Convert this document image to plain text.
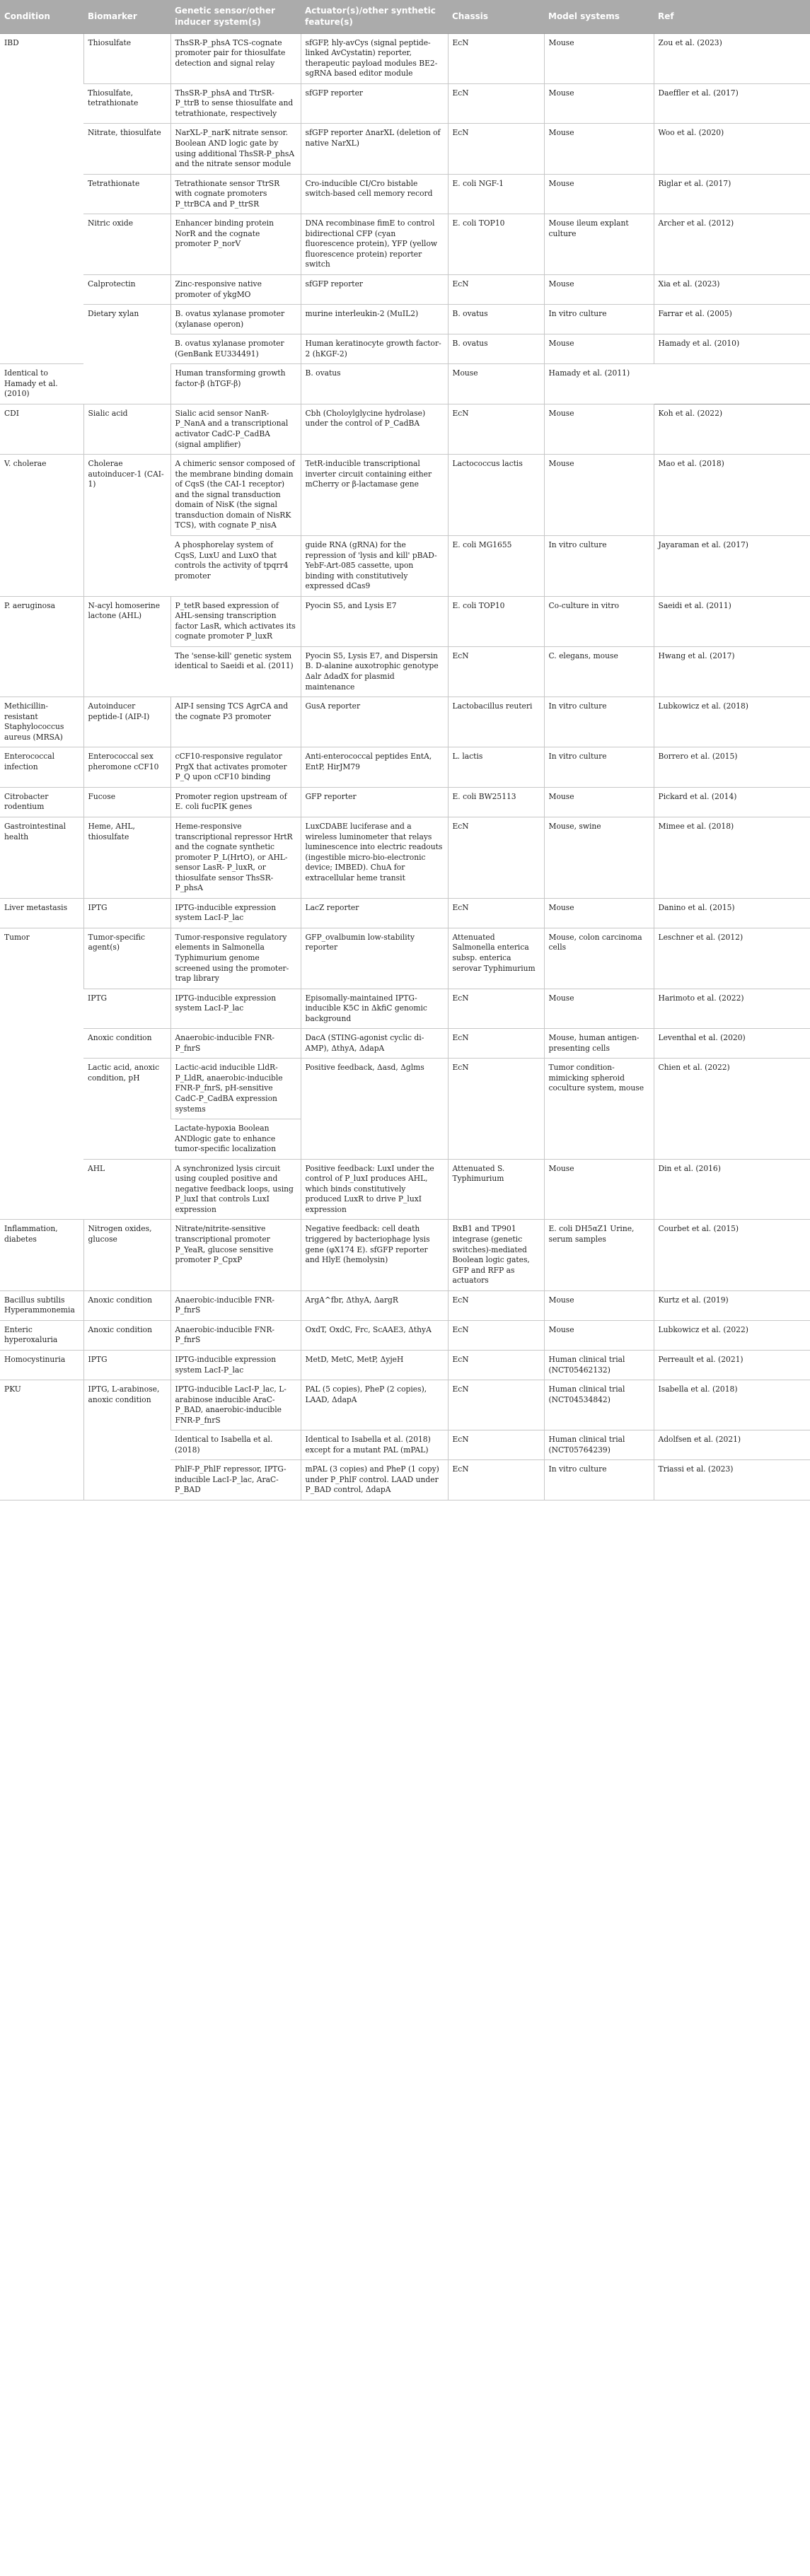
Condition	Biomarker	Genetic sensor/other inducer system(s)	Actuator(s)/other synthetic feature(s)	Chassis	Model systems	Ref
IBD	Thiosulfate	ThsSR-P_phsA TCS-cognate promoter pair for thiosulfate detection and signal relay	sfGFP, hly-avCys (signal peptide-linked AvCystatin) reporter, therapeutic payload modules BE2-sgRNA based editor module	EcN	Mouse	Zou et al. (2023)
	Thiosulfate, tetrathionate	ThsSR-P_phsA and TtrSR-P_ttrB to sense thiosulfate and tetrathionate, respectively	sfGFP reporter	EcN	Mouse	Daeffler et al. (2017)
	Nitrate, thiosulfate	NarXL-P_narK nitrate sensor. Boolean AND logic gate by using additional ThsSR-P_phsA and the nitrate sensor module	sfGFP reporter ΔnarXL (deletion of native NarXL)	EcN	Mouse	Woo et al. (2020)
	Tetrathionate	Tetrathionate sensor TtrSR with cognate promoters P_ttrBCA and P_ttrSR	Cro-inducible CI/Cro bistable switch-based cell memory record	E. coli NGF-1	Mouse	Riglar et al. (2017)
	Nitric oxide	Enhancer binding protein NorR and the cognate promoter P_norV	DNA recombinase fimE to control bidirectional CFP (cyan fluorescence protein), YFP (yellow fluorescence protein) reporter switch	E. coli TOP10	Mouse ileum explant culture	Archer et al. (2012)
	Calprotectin	Zinc-responsive native promoter of ykgMO	sfGFP reporter	EcN	Mouse	Xia et al. (2023)
	Dietary xylan	B. ovatus xylanase promoter (xylanase operon)	murine interleukin-2 (MuIL2)	B. ovatus	In vitro culture	Farrar et al. (2005)
		B. ovatus xylanase promoter (GenBank EU334491)	Human keratinocyte growth factor-2 (hKGF-2)	B. ovatus	Mouse	Hamady et al. (2010)
Identical to Hamady et al. (2010)		Human transforming growth factor-β (hTGF-β)	B. ovatus	Mouse	Hamady et al. (2011)	
CDI	Sialic acid	Sialic acid sensor NanR-P_NanA and a transcriptional activator CadC-P_CadBA (signal amplifier)	Cbh (Choloylglycine hydrolase) under the control of P_CadBA	EcN	Mouse	Koh et al. (2022)
V. cholerae	Cholerae autoinducer-1 (CAI-1)	A chimeric sensor composed of the membrane binding domain of CqsS (the CAI-1 receptor) and the signal transduction domain of NisK (the signal transduction domain of NisRK TCS), with cognate P_nisA	TetR-inducible transcriptional inverter circuit containing either mCherry or β-lactamase gene	Lactococcus lactis	Mouse	Mao et al. (2018)
		A phosphorelay system of CqsS, LuxU and LuxO that controls the activity of tpqrr4 promoter	guide RNA (gRNA) for the repression of 'lysis and kill' pBAD-YebF-Art-085 cassette, upon binding with constitutively expressed dCas9	E. coli MG1655	In vitro culture	Jayaraman et al. (2017)
P. aeruginosa	N-acyl homoserine lactone (AHL)	P_tetR based expression of AHL-sensing transcription factor LasR, which activates its cognate promoter P_luxR	Pyocin S5, and Lysis E7	E. coli TOP10	Co-culture in vitro	Saeidi et al. (2011)
		The 'sense-kill' genetic system identical to Saeidi et al. (2011)	Pyocin S5, Lysis E7, and Dispersin B. D-alanine auxotrophic genotype Δalr ΔdadX for plasmid maintenance	EcN	C. elegans, mouse	Hwang et al. (2017)
Methicillin-resistant Staphylococcus aureus (MRSA)	Autoinducer peptide-I (AIP-I)	AIP-I sensing TCS AgrCA and the cognate P3 promoter	GusA reporter	Lactobacillus reuteri	In vitro culture	Lubkowicz et al. (2018)
Enterococcal infection	Enterococcal sex pheromone cCF10	cCF10-responsive regulator PrgX that activates promoter P_Q upon cCF10 binding	Anti-enterococcal peptides EntA, EntP, HirJM79	L. lactis	In vitro culture	Borrero et al. (2015)
Citrobacter rodentium	Fucose	Promoter region upstream of E. coli fucPIK genes	GFP reporter	E. coli BW25113	Mouse	Pickard et al. (2014)
Gastrointestinal health	Heme, AHL, thiosulfate	Heme-responsive transcriptional repressor HrtR and the cognate synthetic promoter P_L(HrtO), or AHL-sensor LasR- P_luxR, or thiosulfate sensor ThsSR-P_phsA	LuxCDABE luciferase and a wireless luminometer that relays luminescence into electric readouts (ingestible micro-bio-electronic device; IMBED). ChuA for extracellular heme transit	EcN	Mouse, swine	Mimee et al. (2018)
Liver metastasis	IPTG	IPTG-inducible expression system LacI-P_lac	LacZ reporter	EcN	Mouse	Danino et al. (2015)
Tumor	Tumor-specific agent(s)	Tumor-responsive regulatory elements in Salmonella Typhimurium genome screened using the promoter-trap library	GFP_ovalbumin low-stability reporter	Attenuated Salmonella enterica subsp. enterica serovar Typhimurium	Mouse, colon carcinoma cells	Leschner et al. (2012)
	IPTG	IPTG-inducible expression system LacI-P_lac	Episomally-maintained IPTG-inducible K5C in ΔkfiC genomic background	EcN	Mouse	Harimoto et al. (2022)
	Anoxic condition	Anaerobic-inducible FNR-P_fnrS	DacA (STING-agonist cyclic di-AMP), ΔthyA, ΔdapA	EcN	Mouse, human antigen-presenting cells	Leventhal et al. (2020)
	Lactic acid, anoxic condition, pH	Lactic-acid inducible LldR-P_LldR, anaerobic-inducible FNR-P_fnrS, pH-sensitive CadC-P_CadBA expression systems	Positive feedback, Δasd, Δglms	EcN	Tumor condition-mimicking spheroid coculture system, mouse	Chien et al. (2022)
		Lactate-hypoxia Boolean ANDlogic gate to enhance tumor-specific localization				
	AHL	A synchronized lysis circuit using coupled positive and negative feedback loops, using P_luxI that controls LuxI expression	Positive feedback: LuxI under the control of P_luxI produces AHL, which binds constitutively produced LuxR to drive P_luxI expression	Attenuated S. Typhimurium	Mouse	Din et al. (2016)
Inflammation, diabetes	Nitrogen oxides, glucose	Nitrate/nitrite-sensitive transcriptional promoter P_YeaR, glucose sensitive promoter P_CpxP	Negative feedback: cell death triggered by bacteriophage lysis gene (φX174 E). sfGFP reporter and HlyE (hemolysin)	BxB1 and TP901 integrase (genetic switches)-mediated Boolean logic gates, GFP and RFP as actuators	E. coli DH5αZ1 Urine, serum samples	Courbet et al. (2015)
Bacillus subtilis Hyperammonemia	Anoxic condition	Anaerobic-inducible FNR-P_fnrS	ArgA^fbr, ΔthyA, ΔargR	EcN	Mouse	Kurtz et al. (2019)
Enteric hyperoxaluria	Anoxic condition	Anaerobic-inducible FNR-P_fnrS	OxdT, OxdC, Frc, ScAAE3, ΔthyA	EcN	Mouse	Lubkowicz et al. (2022)
Homocystinuria	IPTG	IPTG-inducible expression system LacI-P_lac	MetD, MetC, MetP, ΔyjeH	EcN	Human clinical trial (NCT05462132)	Perreault et al. (2021)
PKU	IPTG, L-arabinose, anoxic condition	IPTG-inducible LacI-P_lac, L-arabinose inducible AraC-P_BAD, anaerobic-inducible FNR-P_fnrS	PAL (5 copies), PheP (2 copies), LAAD, ΔdapA	EcN	Human clinical trial (NCT04534842)	Isabella et al. (2018)
		Identical to Isabella et al. (2018)	Identical to Isabella et al. (2018) except for a mutant PAL (mPAL)	EcN	Human clinical trial (NCT05764239)	Adolfsen et al. (2021)
		PhlF-P_PhlF repressor, IPTG-inducible LacI-P_lac, AraC-P_BAD	mPAL (3 copies) and PheP (1 copy) under P_PhlF control. LAAD under P_BAD control, ΔdapA	EcN	In vitro culture	Triassi et al. (2023)
